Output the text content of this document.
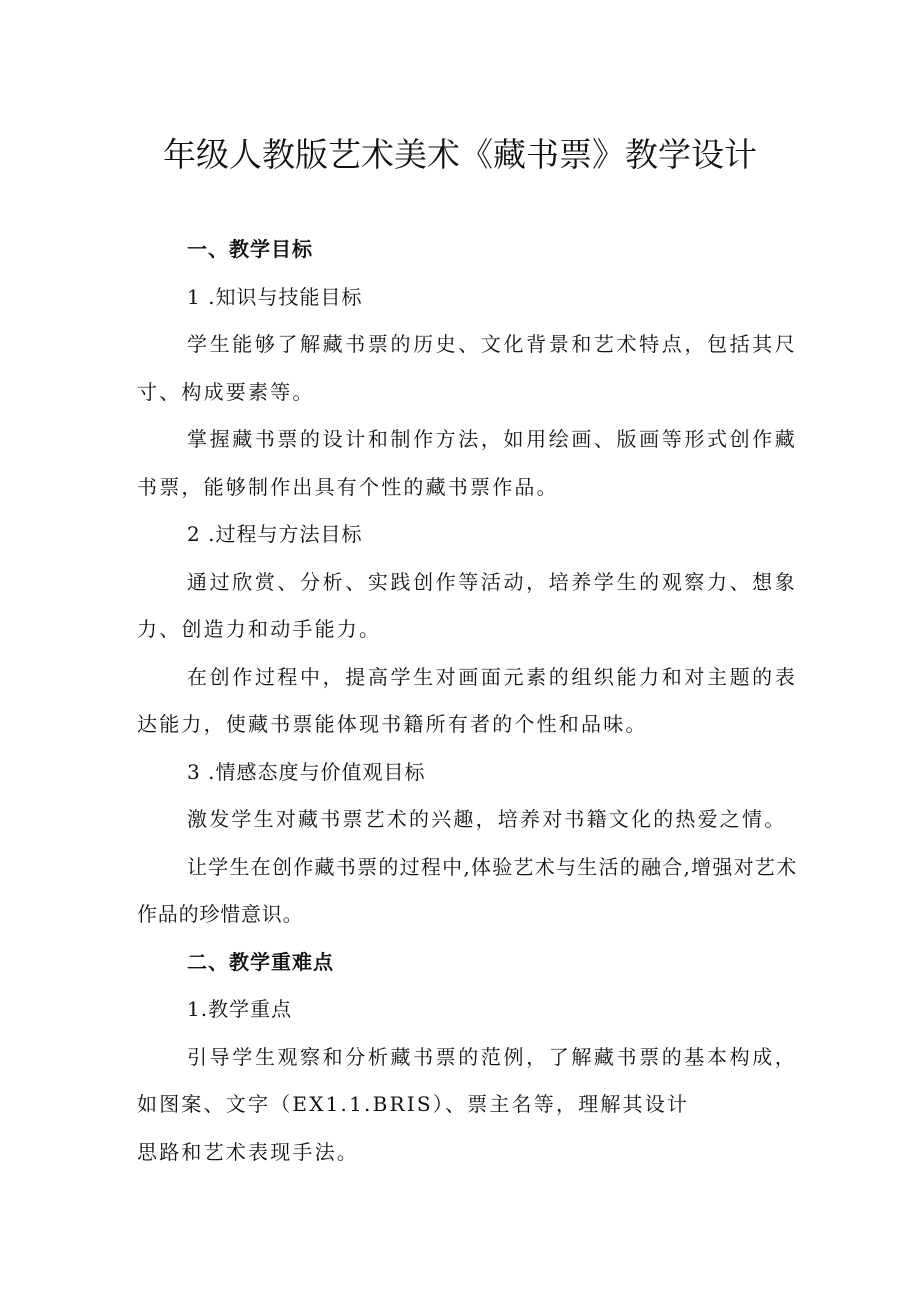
年级人教版艺术美术《藏书票》教学设计

一、教学目标

1 .知识与技能目标

学生能够了解藏书票的历史、文化背景和艺术特点，包括其尺寸、构成要素等。

掌握藏书票的设计和制作方法，如用绘画、版画等形式创作藏书票，能够制作出具有个性的藏书票作品。

2 .过程与方法目标

通过欣赏、分析、实践创作等活动，培养学生的观察力、想象力、创造力和动手能力。

在创作过程中，提高学生对画面元素的组织能力和对主题的表达能力，使藏书票能体现书籍所有者的个性和品味。

3 .情感态度与价值观目标

激发学生对藏书票艺术的兴趣，培养对书籍文化的热爱之情。

让学生在创作藏书票的过程中,体验艺术与生活的融合,增强对艺术作品的珍惜意识。

二、教学重难点

1.教学重点

引导学生观察和分析藏书票的范例，了解藏书票的基本构成，如图案、文字（EX1.1.BRIS）、票主名等，理解其设计

思路和艺术表现手法。
